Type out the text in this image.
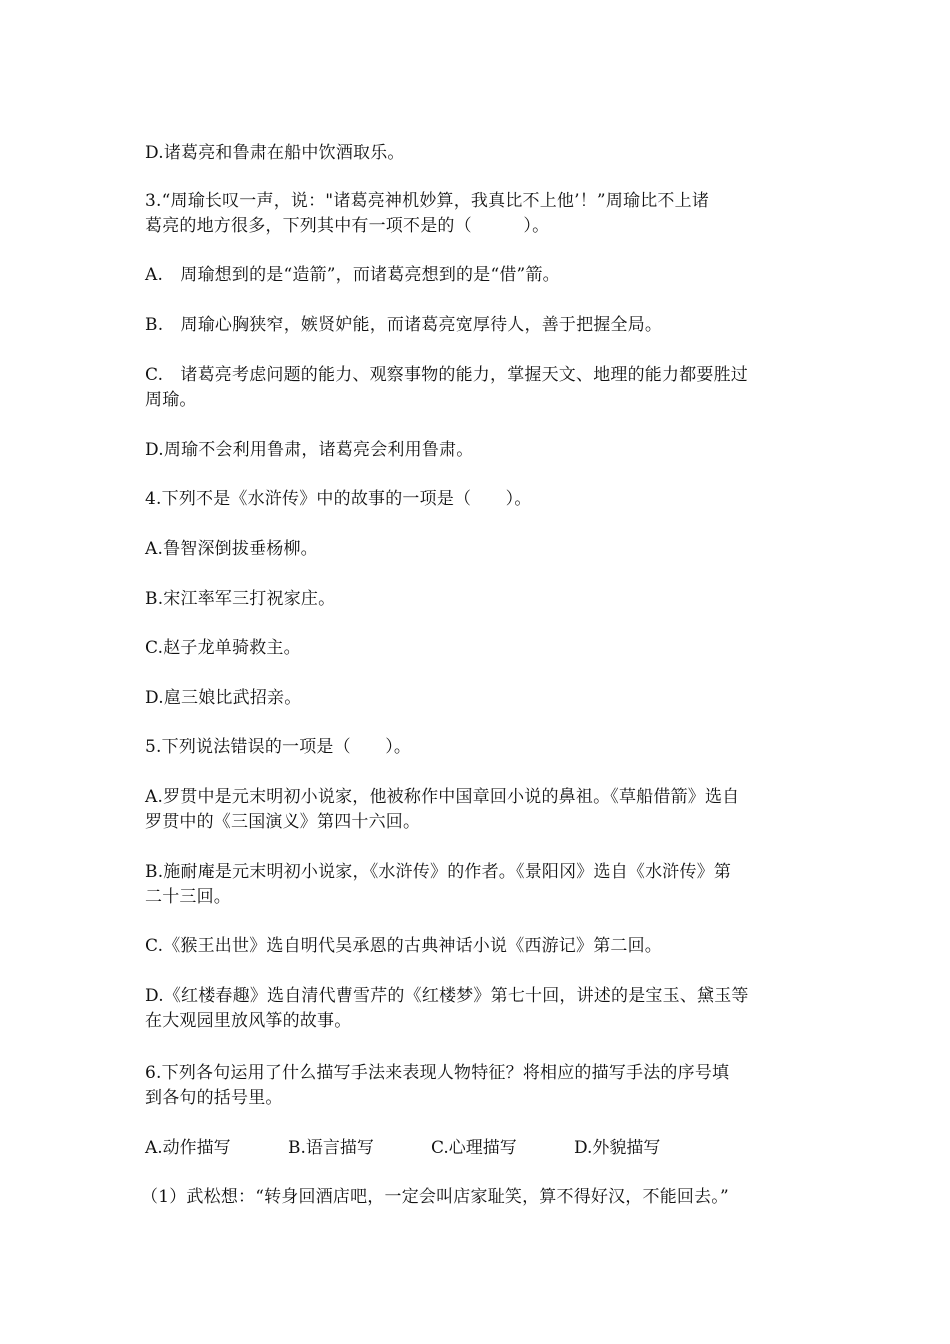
D.诸葛亮和鲁肃在船中饮酒取乐。
3.“周瑜长叹一声，说："诸葛亮神机妙算，我真比不上他’！”周瑜比不上诸
葛亮的地方很多，下列其中有一项不是的（　　　）。
A.　周瑜想到的是“造箭”，而诸葛亮想到的是“借”箭。
B.　周瑜心胸狭窄，嫉贤妒能，而诸葛亮宽厚待人，善于把握全局。
C.　诸葛亮考虑问题的能力、观察事物的能力，掌握天文、地理的能力都要胜过
周瑜。
D.周瑜不会利用鲁肃，诸葛亮会利用鲁肃。
4.下列不是《水浒传》中的故事的一项是（　　）。
A.鲁智深倒拔垂杨柳。
B.宋江率军三打祝家庄。
C.赵子龙单骑救主。
D.扈三娘比武招亲。
5.下列说法错误的一项是（　　）。
A.罗贯中是元末明初小说家，他被称作中国章回小说的鼻祖。《草船借箭》选自
罗贯中的《三国演义》第四十六回。
B.施耐庵是元末明初小说家，《水浒传》的作者。《景阳冈》选自《水浒传》第
二十三回。
C.《猴王出世》选自明代吴承恩的古典神话小说《西游记》第二回。
D.《红楼春趣》选自清代曹雪芹的《红楼梦》第七十回，讲述的是宝玉、黛玉等
在大观园里放风筝的故事。
6.下列各句运用了什么描写手法来表现人物特征？将相应的描写手法的序号填
到各句的括号里。
A.动作描写	B.语言描写	C.心理描写	D.外貌描写
（1）武松想：“转身回酒店吧，一定会叫店家耻笑，算不得好汉，不能回去。”
